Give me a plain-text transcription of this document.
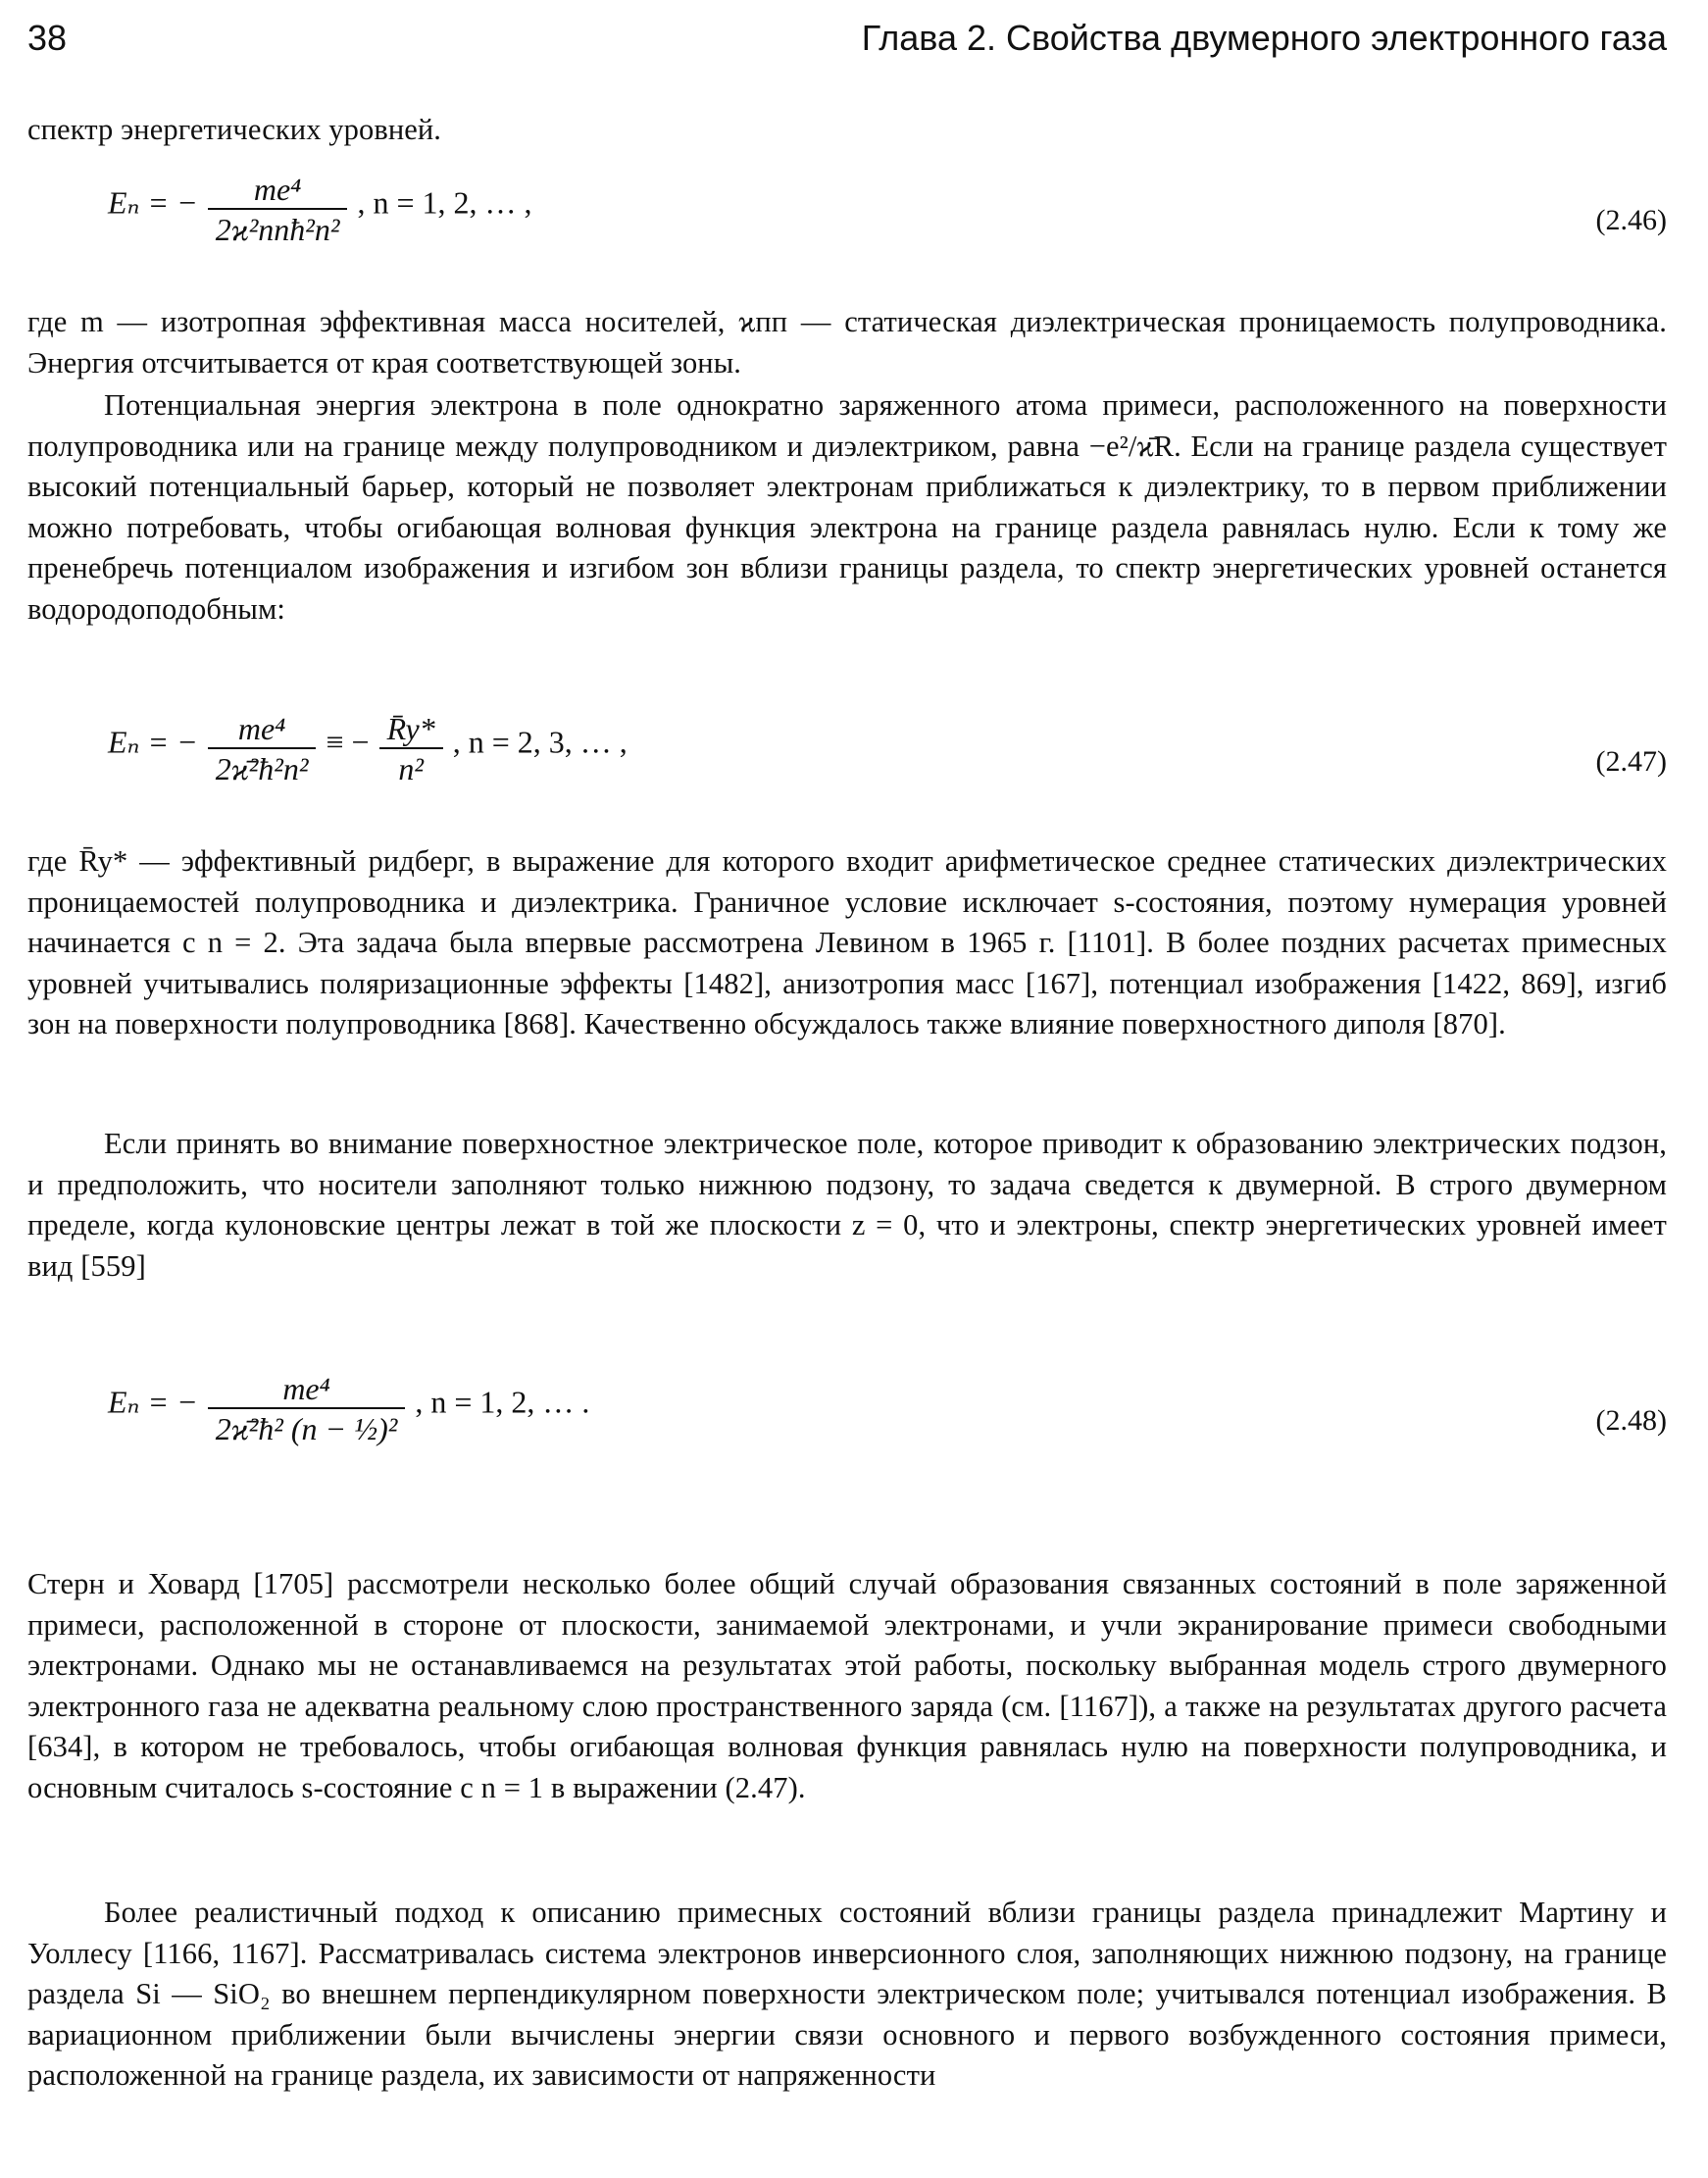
38	Глава 2. Свойства двумерного электронного газа

спектр энергетических уровней.

Eₙ = − $\frac{\text{me⁴}}{\text{2ϰ²ппħ²n²}}$ , n = 1, 2, … ,	(2.46)

где m — изотропная эффективная масса носителей, ϰпп — статическая диэлектрическая проницаемость полупроводника. Энергия отсчитывается от края соответствующей зоны.

Потенциальная энергия электрона в поле однократно заряженного атома примеси, расположенного на поверхности полупроводника или на границе между полупроводником и диэлектриком, равна −e²/ϰ̄R. Если на границе раздела существует высокий потенциальный барьер, который не позволяет электронам приближаться к диэлектрику, то в первом приближении можно потребовать, чтобы огибающая волновая функция электрона на границе раздела равнялась нулю. Если к тому же пренебречь потенциалом изображения и изгибом зон вблизи границы раздела, то спектр энергетических уровней останется водородоподобным:

Eₙ = − $\frac{\text{me⁴}}{\text{2ϰ̄²ħ²n²}}$ ≡ − $\frac{R̄y*}{\text{n²}}$ , n = 2, 3, … ,
(2.47)

где R̄y* — эффективный ридберг, в выражение для которого входит арифметическое среднее статических диэлектрических проницаемостей полупроводника и диэлектрика. Граничное условие исключает s-состояния, поэтому нумерация уровней начинается с n = 2. Эта задача была впервые рассмотрена Левином в 1965 г. [1101]. В более поздних расчетах примесных уровней учитывались поляризационные эффекты [1482], анизотропия масс [167], потенциал изображения [1422, 869], изгиб зон на поверхности полупроводника [868]. Качественно обсуждалось также влияние поверхностного диполя [870].

Если принять во внимание поверхностное электрическое поле, которое приводит к образованию электрических подзон, и предположить, что носители заполняют только нижнюю подзону, то задача сведется к двумерной. В строго двумерном пределе, когда кулоновские центры лежат в той же плоскости z = 0, что и электроны, спектр энергетических уровней имеет вид [559]

Eₙ = − $\frac{\text{me⁴}}{\text{2ϰ̄²ħ² (n − ½)²}}$ , n = 1, 2, … .
(2.48)

Стерн и Ховард [1705] рассмотрели несколько более общий случай образования связанных состояний в поле заряженной примеси, расположенной в стороне от плоскости, занимаемой электронами, и учли экранирование примеси свободными электронами. Однако мы не останавливаемся на результатах этой работы, поскольку выбранная модель строго двумерного электронного газа не адекватна реальному слою пространственного заряда (см. [1167]), а также на результатах другого расчета [634], в котором не требовалось, чтобы огибающая волновая функция равнялась нулю на поверхности полупроводника, и основным считалось s-состояние с n = 1 в выражении (2.47).

Более реалистичный подход к описанию примесных состояний вблизи границы раздела принадлежит Мартину и Уоллесу [1166, 1167]. Рассматривалась система электронов инверсионного слоя, заполняющих нижнюю подзону, на границе раздела Si — SiO₂ во внешнем перпендикулярном поверхности электрическом поле; учитывался потенциал изображения. В вариационном приближении были вычислены энергии связи основного и первого возбужденного состояния примеси, расположенной на границе раздела, их зависимости от напряженности
